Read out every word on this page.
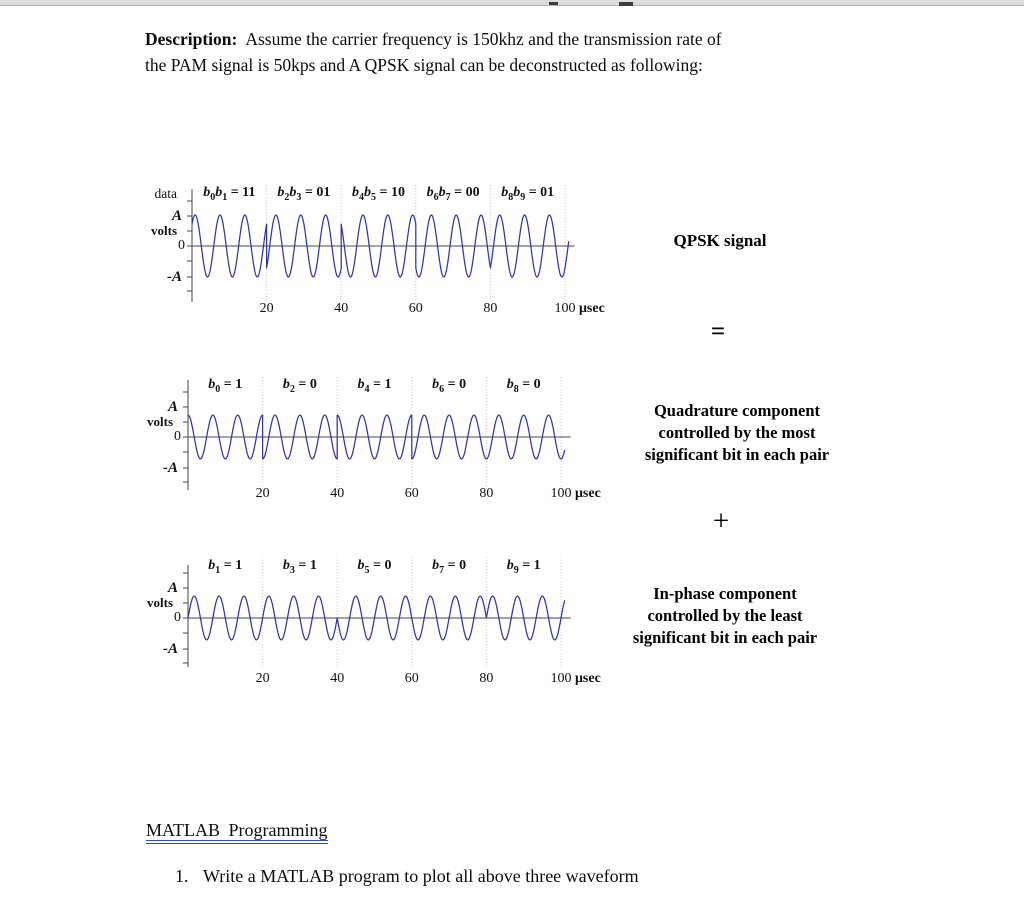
Description: Assume the carrier frequency is 150khz and the transmission rate of
the PAM signal is 50kps and A QPSK signal can be deconstructed as following:
$b_0b_1 = 11$	$b_2b_3 = 01$	$b_4b_5 = 10$	$b_6b_7 = 00$	$b_8b_9 = 01$
20	40	60	80	100 μsec
A
volts
0
-A
data
$b_0 = 1$	$b_2 = 0$	$b_4 = 1$	$b_6 = 0$	$b_8 = 0$
20	40	60	80	100 μsec
A
volts
0
-A
$b_1 = 1$	$b_3 = 1$	$b_5 = 0$	$b_7 = 0$	$b_9 = 1$
20	40	60	80	100 μsec
A
volts
0
-A
QPSK signal
=
Quadrature component
controlled by the most
significant bit in each pair
+
In-phase component
controlled by the least
significant bit in each pair
MATLAB Programming
1. Write a MATLAB program to plot all above three waveform
